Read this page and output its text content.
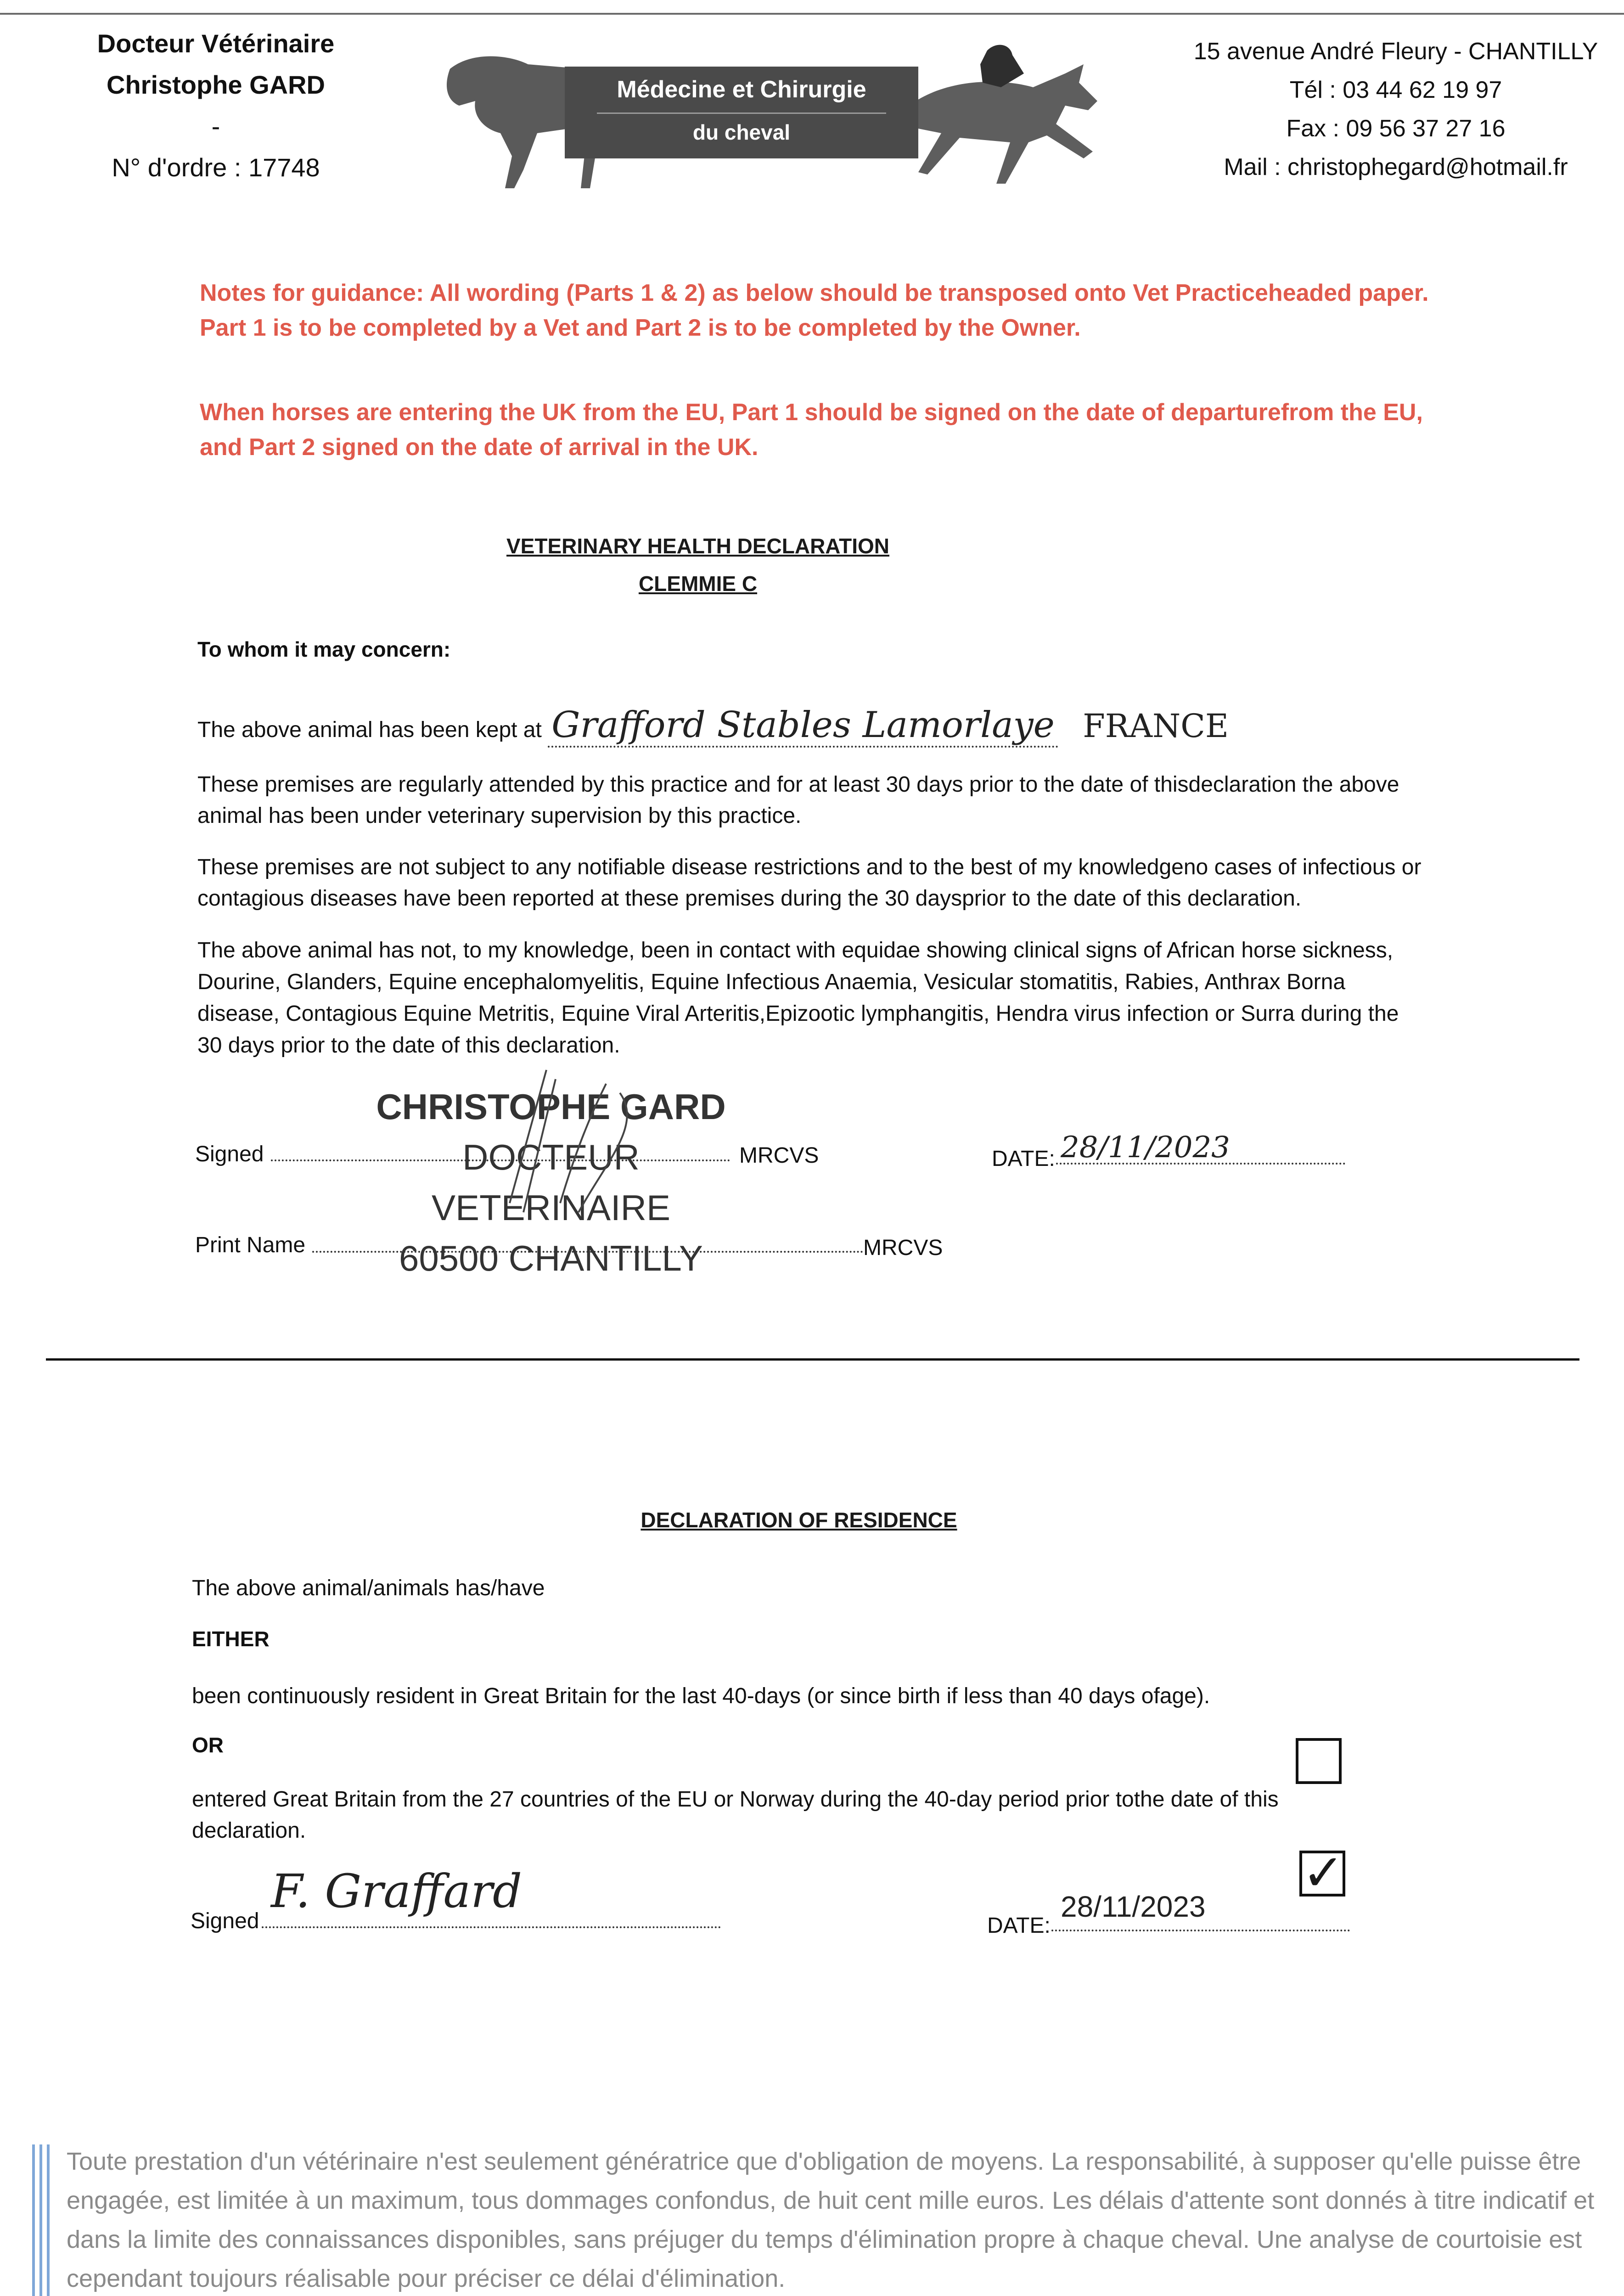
Docteur Vétérinaire
Christophe GARD
-
N° d'ordre : 17748
Médecine et Chirurgie
du cheval
15 avenue André Fleury - CHANTILLY
Tél : 03 44 62 19 97
Fax : 09 56 37 27 16
Mail : christophegard@hotmail.fr
Notes for guidance: All wording (Parts 1 & 2) as below should be transposed onto Vet Practiceheaded paper. Part 1 is to be completed by a Vet and Part 2 is to be completed by the Owner.
When horses are entering the UK from the EU, Part 1 should be signed on the date of departurefrom the EU, and Part 2 signed on the date of arrival in the UK.
VETERINARY HEALTH DECLARATION
CLEMMIE C
To whom it may concern:
The above animal has been kept at Grafford Stables Lamorlaye FRANCE
These premises are regularly attended by this practice and for at least 30 days prior to the date of thisdeclaration the above animal has been under veterinary supervision by this practice.
These premises are not subject to any notifiable disease restrictions and to the best of my knowledgeno cases of infectious or contagious diseases have been reported at these premises during the 30 daysprior to the date of this declaration.
The above animal has not, to my knowledge, been in contact with equidae showing clinical signs of African horse sickness, Dourine, Glanders, Equine encephalomyelitis, Equine Infectious Anaemia, Vesicular stomatitis, Rabies, Anthrax Borna disease, Contagious Equine Metritis, Equine Viral Arteritis,Epizootic lymphangitis, Hendra virus infection or Surra during the 30 days prior to the date of this declaration.
Signed	MRCVS
CHRISTOPHE GARD
DOCTEUR VETERINAIRE
60500 CHANTILLY
DATE: 28/11/2023
Print Name	MRCVS
DECLARATION OF RESIDENCE
The above animal/animals has/have
EITHER
been continuously resident in Great Britain for the last 40-days (or since birth if less than 40 days ofage).
OR
entered Great Britain from the 27 countries of the EU or Norway during the 40-day period prior tothe date of this declaration.
✓
Signed
F. Graffard
DATE:
28/11/2023
Toute prestation d'un vétérinaire n'est seulement génératrice que d'obligation de moyens. La responsabilité, à supposer qu'elle puisse être engagée, est limitée à un maximum, tous dommages confondus, de huit cent mille euros. Les délais d'attente sont donnés à titre indicatif et dans la limite des connaissances disponibles, sans préjuger du temps d'élimination propre à chaque cheval. Une analyse de courtoisie est cependant toujours réalisable pour préciser ce délai d'élimination.
